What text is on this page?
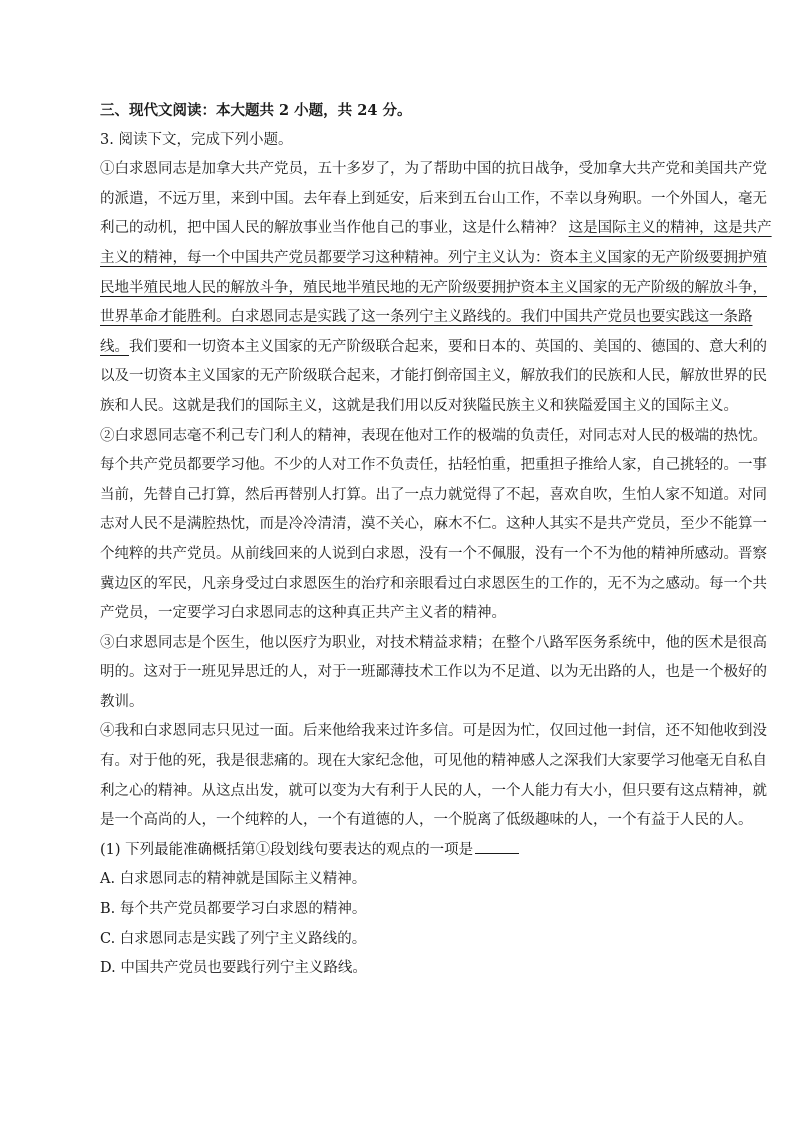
三、现代文阅读：本大题共 2 小题，共 24 分。
3. 阅读下文，完成下列小题。
①白求恩同志是加拿大共产党员，五十多岁了，为了帮助中国的抗日战争，受加拿大共产党和美国共产党
的派遣，不远万里，来到中国。去年春上到延安，后来到五台山工作，不幸以身殉职。一个外国人，毫无
利己的动机，把中国人民的解放事业当作他自己的事业，这是什么精神？ 这是国际主义的精神，这是共产
主义的精神，每一个中国共产党员都要学习这种精神。列宁主义认为：资本主义国家的无产阶级要拥护殖
民地半殖民地人民的解放斗争，殖民地半殖民地的无产阶级要拥护资本主义国家的无产阶级的解放斗争，
世界革命才能胜利。白求恩同志是实践了这一条列宁主义路线的。我们中国共产党员也要实践这一条路
线。我们要和一切资本主义国家的无产阶级联合起来，要和日本的、英国的、美国的、德国的、意大利的
以及一切资本主义国家的无产阶级联合起来，才能打倒帝国主义，解放我们的民族和人民，解放世界的民
族和人民。这就是我们的国际主义，这就是我们用以反对狭隘民族主义和狭隘爱国主义的国际主义。
②白求恩同志毫不利己专门利人的精神，表现在他对工作的极端的负责任，对同志对人民的极端的热忱。
每个共产党员都要学习他。不少的人对工作不负责任，拈轻怕重，把重担子推给人家，自己挑轻的。一事
当前，先替自己打算，然后再替别人打算。出了一点力就觉得了不起，喜欢自吹，生怕人家不知道。对同
志对人民不是满腔热忱，而是冷冷清清，漠不关心，麻木不仁。这种人其实不是共产党员，至少不能算一
个纯粹的共产党员。从前线回来的人说到白求恩，没有一个不佩服，没有一个不为他的精神所感动。晋察
冀边区的军民，凡亲身受过白求恩医生的治疗和亲眼看过白求恩医生的工作的，无不为之感动。每一个共
产党员，一定要学习白求恩同志的这种真正共产主义者的精神。
③白求恩同志是个医生，他以医疗为职业，对技术精益求精；在整个八路军医务系统中，他的医术是很高
明的。这对于一班见异思迁的人，对于一班鄙薄技术工作以为不足道、以为无出路的人，也是一个极好的
教训。
④我和白求恩同志只见过一面。后来他给我来过许多信。可是因为忙，仅回过他一封信，还不知他收到没
有。对于他的死，我是很悲痛的。现在大家纪念他，可见他的精神感人之深我们大家要学习他毫无自私自
利之心的精神。从这点出发，就可以变为大有利于人民的人，一个人能力有大小，但只要有这点精神，就
是一个高尚的人，一个纯粹的人，一个有道德的人，一个脱离了低级趣味的人，一个有益于人民的人。
(1) 下列最能准确概括第①段划线句要表达的观点的一项是
A. 白求恩同志的精神就是国际主义精神。
B. 每个共产党员都要学习白求恩的精神。
C. 白求恩同志是实践了列宁主义路线的。
D. 中国共产党员也要践行列宁主义路线。
